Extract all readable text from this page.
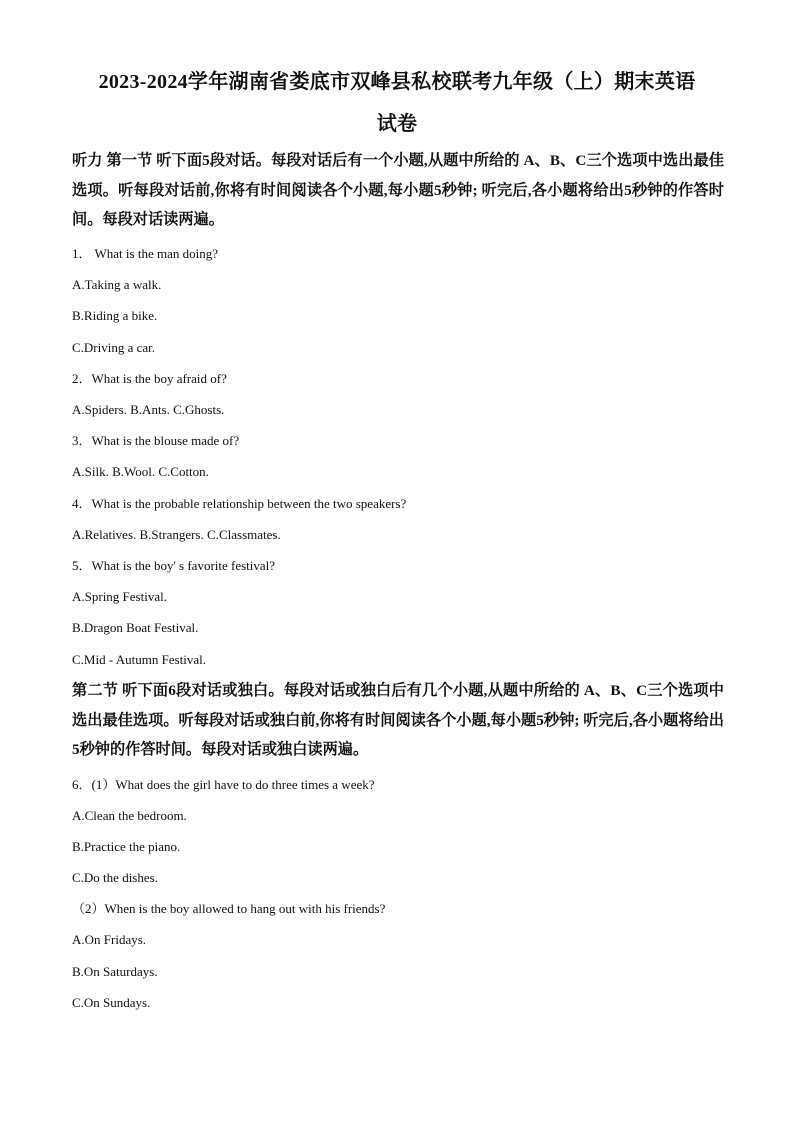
2023-2024学年湖南省娄底市双峰县私校联考九年级（上）期末英语
试卷
听力 第一节 听下面5段对话。每段对话后有一个小题,从题中所给的 A、B、C三个选项中选出最佳选项。听每段对话前,你将有时间阅读各个小题,每小题5秒钟; 听完后,各小题将给出5秒钟的作答时间。每段对话读两遍。
1． What is the man doing?
A.Taking a walk.
B.Riding a bike.
C.Driving a car.
2．What is the boy afraid of?
A.Spiders. B.Ants. C.Ghosts.
3．What is the blouse made of?
A.Silk. B.Wool. C.Cotton.
4．What is the probable relationship between the two speakers?
A.Relatives. B.Strangers. C.Classmates.
5．What is the boy' s favorite festival?
A.Spring Festival.
B.Dragon Boat Festival.
C.Mid - Autumn Festival.
第二节 听下面6段对话或独白。每段对话或独白后有几个小题,从题中所给的 A、B、C三个选项中选出最佳选项。听每段对话或独白前,你将有时间阅读各个小题,每小题5秒钟; 听完后,各小题将给出5秒钟的作答时间。每段对话或独白读两遍。
6．(1）What does the girl have to do three times a week?
A.Clean the bedroom.
B.Practice the piano.
C.Do the dishes.
（2）When is the boy allowed to hang out with his friends?
A.On Fridays.
B.On Saturdays.
C.On Sundays.
